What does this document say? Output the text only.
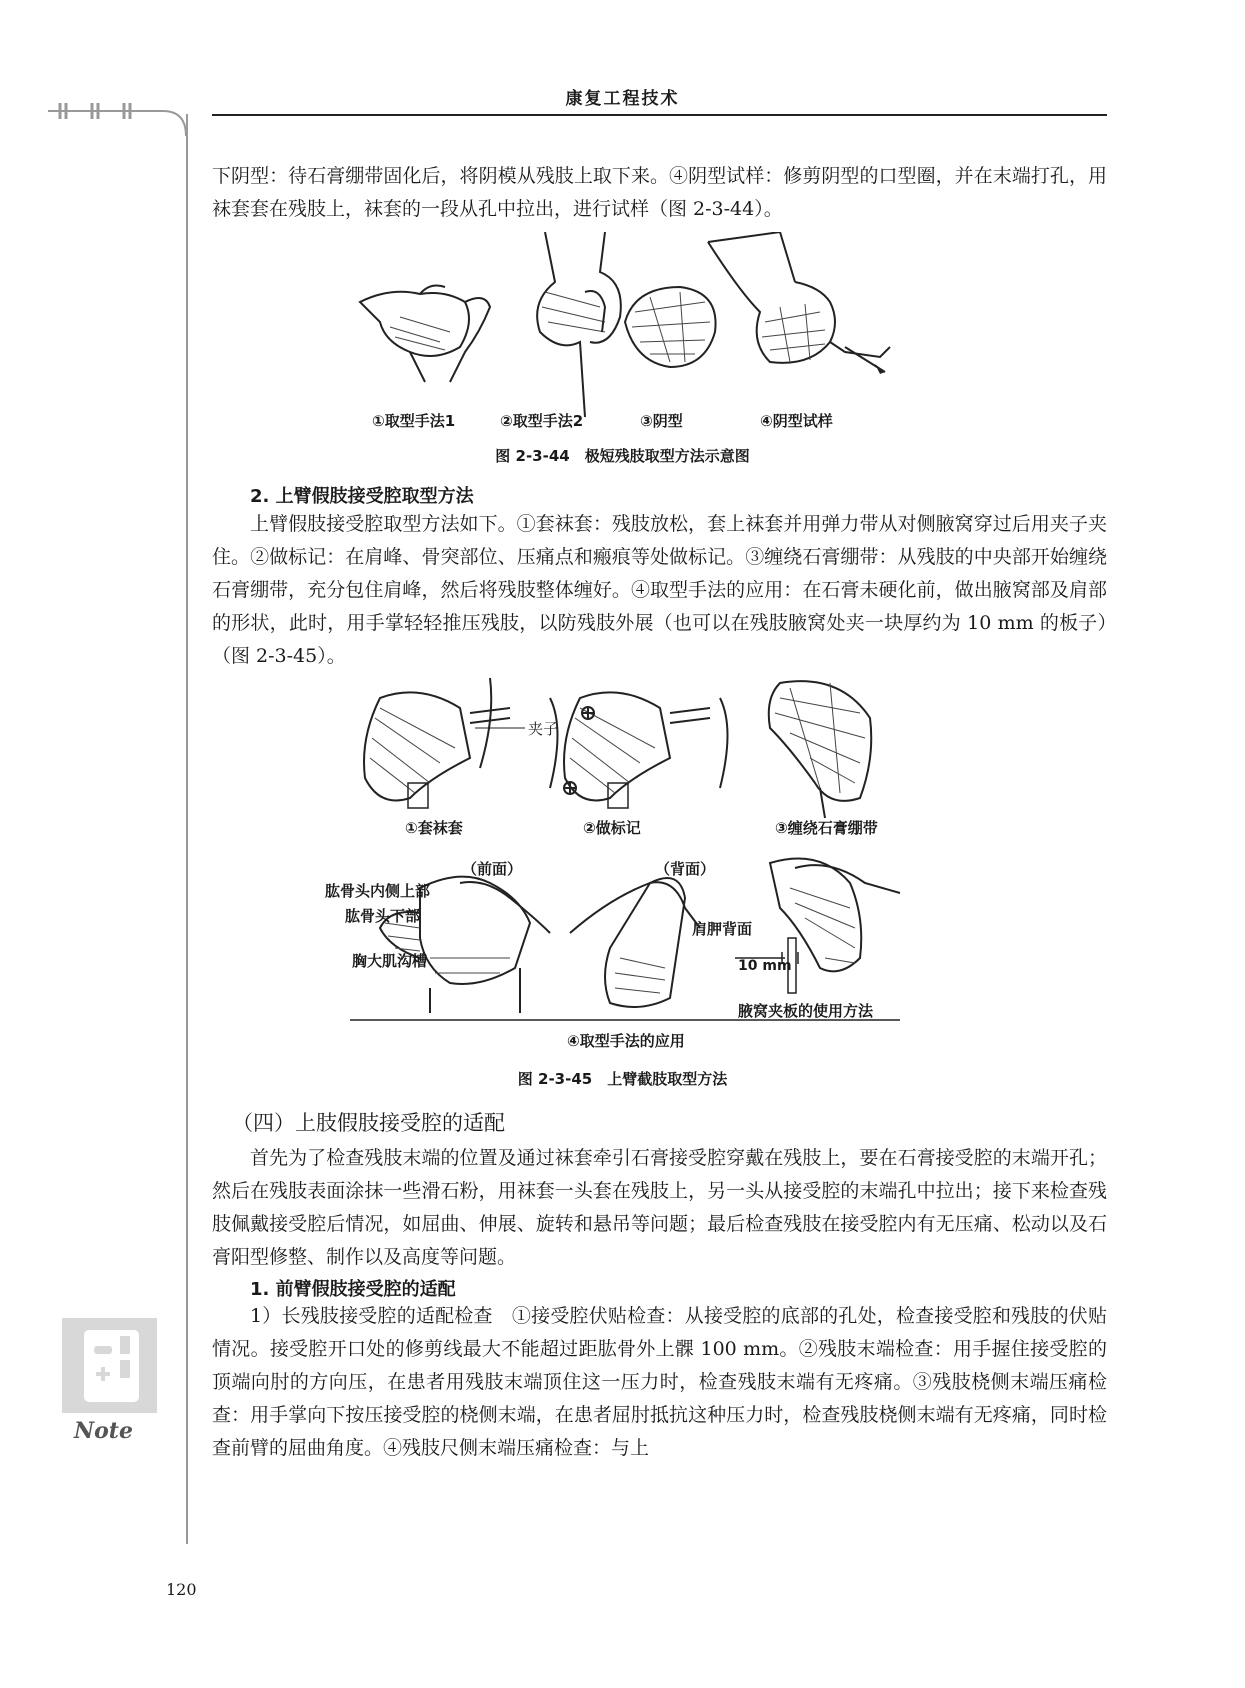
康复工程技术

下阴型：待石膏绷带固化后，将阴模从残肢上取下来。④阴型试样：修剪阴型的口型圈，并在末端打孔，用袜套套在残肢上，袜套的一段从孔中拉出，进行试样（图 2-3-44）。

①取型手法1	②取型手法2	③阴型	④阴型试样
图 2-3-44　极短残肢取型方法示意图
2. 上臂假肢接受腔取型方法

上臂假肢接受腔取型方法如下。①套袜套：残肢放松，套上袜套并用弹力带从对侧腋窝穿过后用夹子夹住。②做标记：在肩峰、骨突部位、压痛点和瘢痕等处做标记。③缠绕石膏绷带：从残肢的中央部开始缠绕石膏绷带，充分包住肩峰，然后将残肢整体缠好。④取型手法的应用：在石膏未硬化前，做出腋窝部及肩部的形状，此时，用手掌轻轻推压残肢，以防残肢外展（也可以在残肢腋窝处夹一块厚约为 10 mm 的板子）（图 2-3-45）。

①套袜套	②做标记	③缠绕石膏绷带
夹子
（前面）	（背面）
肱骨头内侧上部
肱骨头下部
胸大肌沟槽
肩胛背面
10 mm
腋窝夹板的使用方法
④取型手法的应用
图 2-3-45　上臂截肢取型方法
（四）上肢假肢接受腔的适配

首先为了检查残肢末端的位置及通过袜套牵引石膏接受腔穿戴在残肢上，要在石膏接受腔的末端开孔；然后在残肢表面涂抹一些滑石粉，用袜套一头套在残肢上，另一头从接受腔的末端孔中拉出；接下来检查残肢佩戴接受腔后情况，如屈曲、伸展、旋转和悬吊等问题；最后检查残肢在接受腔内有无压痛、松动以及石膏阳型修整、制作以及高度等问题。

1. 前臂假肢接受腔的适配

1）长残肢接受腔的适配检查　①接受腔伏贴检查：从接受腔的底部的孔处，检查接受腔和残肢的伏贴情况。接受腔开口处的修剪线最大不能超过距肱骨外上髁 100 mm。②残肢末端检查：用手握住接受腔的顶端向肘的方向压，在患者用残肢末端顶住这一压力时，检查残肢末端有无疼痛。③残肢桡侧末端压痛检查：用手掌向下按压接受腔的桡侧末端，在患者屈肘抵抗这种压力时，检查残肢桡侧末端有无疼痛，同时检查前臂的屈曲角度。④残肢尺侧末端压痛检查：与上

Note
120
